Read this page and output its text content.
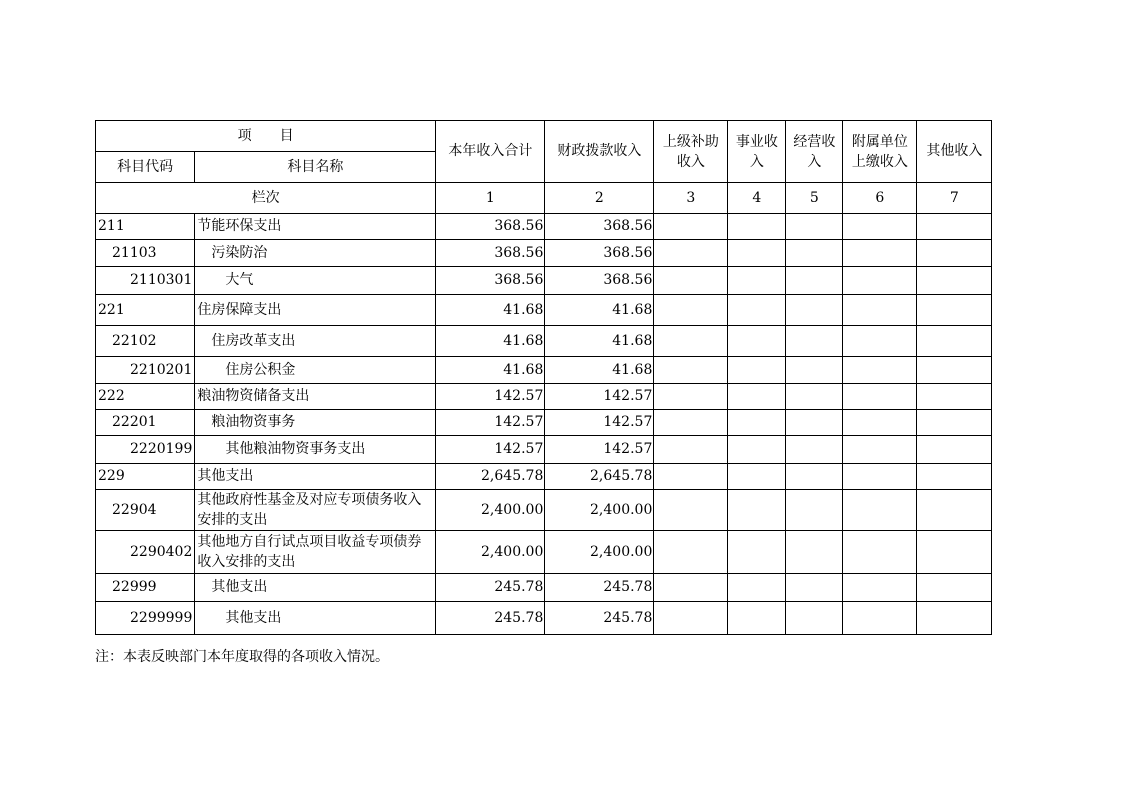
项　　目		本年收入合计	财政拨款收入	上级补助收入	事业收入	经营收入	附属单位上缴收入	其他收入
科目代码	科目名称							
栏次		1	2	3	4	5	6	7
211	节能环保支出	368.56	368.56					
21103	污染防治	368.56	368.56					
2110301	大气	368.56	368.56					
221	住房保障支出	41.68	41.68					
22102	住房改革支出	41.68	41.68					
2210201	住房公积金	41.68	41.68					
222	粮油物资储备支出	142.57	142.57					
22201	粮油物资事务	142.57	142.57					
2220199	其他粮油物资事务支出	142.57	142.57					
229	其他支出	2,645.78	2,645.78					
22904	其他政府性基金及对应专项债务收入安排的支出	2,400.00	2,400.00					
2290402	其他地方自行试点项目收益专项债券收入安排的支出	2,400.00	2,400.00					
22999	其他支出	245.78	245.78					
2299999	其他支出	245.78	245.78					
注：本表反映部门本年度取得的各项收入情况。
